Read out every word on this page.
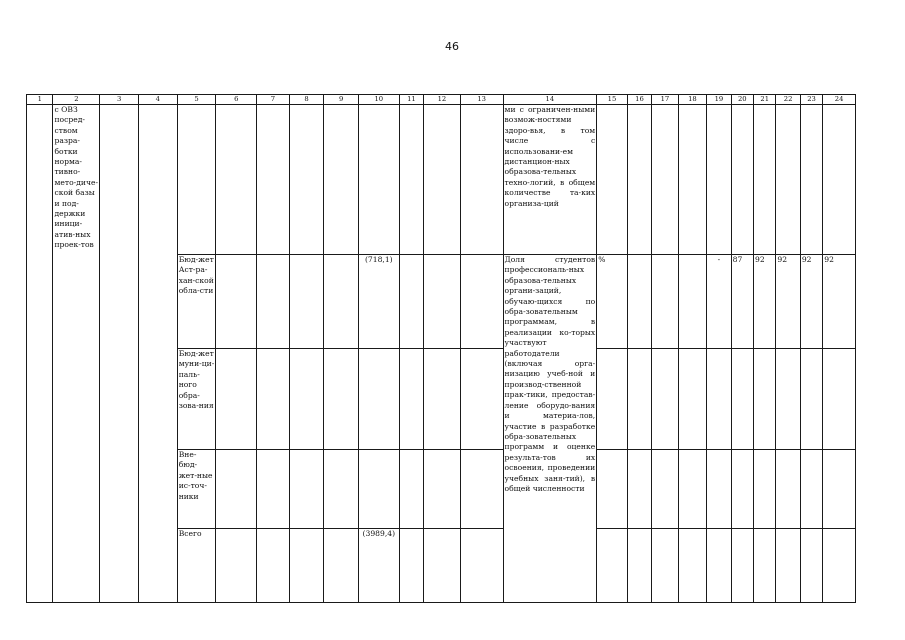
46
1	2	3	4	5	6	7	8	9	10	11	12	13	14	15	16	17	18	19	20	21	22	23	24
	с ОВЗ посред-ством разра-ботки норма-тивно-мето-диче-ской базы и под-держки иници-атив-ных проек-тов												ми с ограничен-ными возмож-ностями здоро-вья, в том числе с использовани-ем дистанцион-ных образова-тельных техно-логий, в общем количестве та-ких организа-ций										

				Бюд-жет Аст-ра-хан-ской обла-сти					(718,1)				Доля студентов профессиональ-ных образова-тельных органи-заций, обучаю-щихся по обра-зовательным программам, в реализации ко-торых участвуют работодатели (включая орга-низацию учеб-ной и производ-ственной прак-тики, предостав-ление оборудо-вания и материа-лов, участие в разработке обра-зовательных программ и оценке результа-тов их освоения, проведении учебных заня-тий), в общей численности	%				-	87	92	92	92	92
				Бюд-жет муни-ци-паль-ного обра-зова-ния																			
				Вне-бюд-жет-ные ис-точ-ники																			
				Всего					(3989,4)														
